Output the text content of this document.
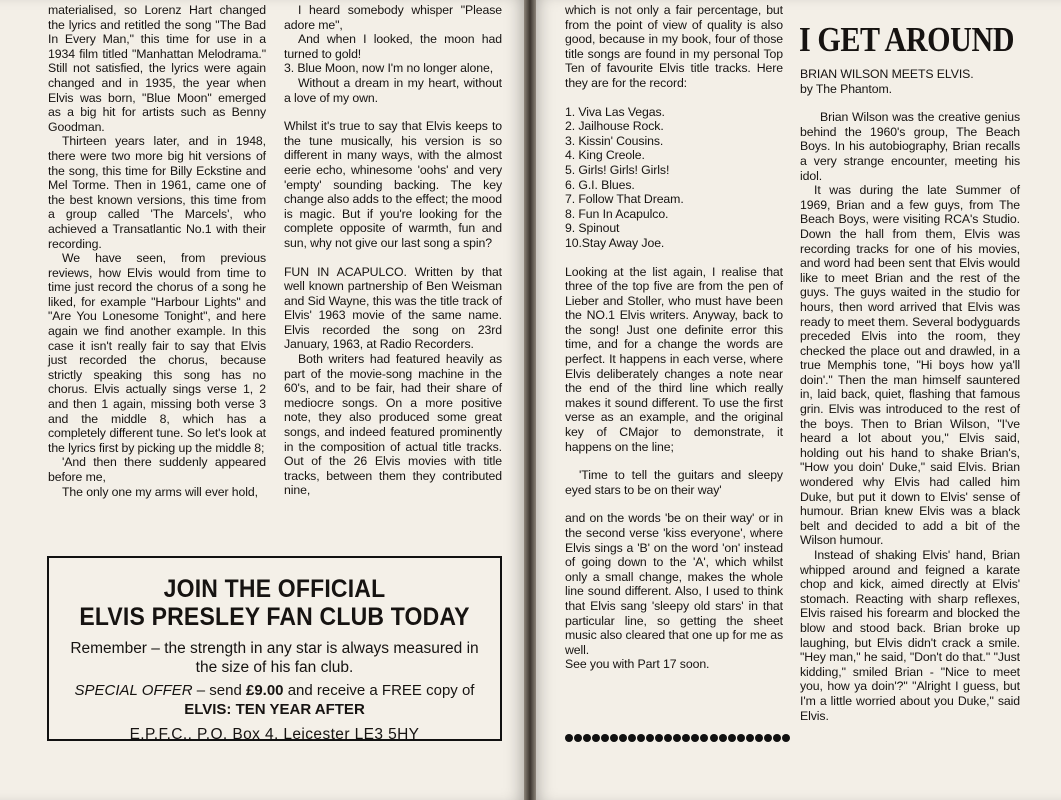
materialised, so Lorenz Hart changed the lyrics and retitled the song "The Bad In Every Man," this time for use in a 1934 film titled "Manhattan Melodrama." Still not satisfied, the lyrics were again changed and in 1935, the year when Elvis was born, "Blue Moon" emerged as a big hit for artists such as Benny Goodman.

Thirteen years later, and in 1948, there were two more big hit versions of the song, this time for Billy Eckstine and Mel Torme. Then in 1961, came one of the best known versions, this time from a group called 'The Marcels', who achieved a Transatlantic No.1 with their recording.

We have seen, from previous reviews, how Elvis would from time to time just record the chorus of a song he liked, for example "Harbour Lights" and "Are You Lonesome Tonight", and here again we find another example. In this case it isn't really fair to say that Elvis just recorded the chorus, because strictly speaking this song has no chorus. Elvis actually sings verse 1, 2 and then 1 again, missing both verse 3 and the middle 8, which has a completely different tune. So let's look at the lyrics first by picking up the middle 8;

'And then there suddenly appeared before me,

The only one my arms will ever hold,

I heard somebody whisper "Please adore me",

And when I looked, the moon had turned to gold!

3. Blue Moon, now I'm no longer alone,

Without a dream in my heart, without a love of my own.

Whilst it's true to say that Elvis keeps to the tune musically, his version is so different in many ways, with the almost eerie echo, whinesome 'oohs' and very 'empty' sounding backing. The key change also adds to the effect; the mood is magic. But if you're looking for the complete opposite of warmth, fun and sun, why not give our last song a spin?

FUN IN ACAPULCO. Written by that well known partnership of Ben Weisman and Sid Wayne, this was the title track of Elvis' 1963 movie of the same name. Elvis recorded the song on 23rd January, 1963, at Radio Recorders.

Both writers had featured heavily as part of the movie-song machine in the 60's, and to be fair, had their share of mediocre songs. On a more positive note, they also produced some great songs, and indeed featured prominently in the composition of actual title tracks. Out of the 26 Elvis movies with title tracks, between them they contributed nine,

JOIN THE OFFICIAL
ELVIS PRESLEY FAN CLUB TODAY
Remember – the strength in any star is always measured in the size of his fan club.
SPECIAL OFFER – send £9.00 and receive a FREE copy of
ELVIS: TEN YEAR AFTER
E.P.F.C., P.O. Box 4, Leicester LE3 5HY

which is not only a fair percentage, but from the point of view of quality is also good, because in my book, four of those title songs are found in my personal Top Ten of favourite Elvis title tracks. Here they are for the record:

1. Viva Las Vegas.
2. Jailhouse Rock.
3. Kissin' Cousins.
4. King Creole.
5. Girls! Girls! Girls!
6. G.I. Blues.
7. Follow That Dream.
8. Fun In Acapulco.
9. Spinout
10.Stay Away Joe.

Looking at the list again, I realise that three of the top five are from the pen of Lieber and Stoller, who must have been the NO.1 Elvis writers. Anyway, back to the song! Just one definite error this time, and for a change the words are perfect. It happens in each verse, where Elvis deliberately changes a note near the end of the third line which really makes it sound different. To use the first verse as an example, and the original key of CMajor to demonstrate, it happens on the line;

'Time to tell the guitars and sleepy eyed stars to be on their way'

and on the words 'be on their way' or in the second verse 'kiss everyone', where Elvis sings a 'B' on the word 'on' instead of going down to the 'A', which whilst only a small change, makes the whole line sound different. Also, I used to think that Elvis sang 'sleepy old stars' in that particular line, so getting the sheet music also cleared that one up for me as well.

See you with Part 17 soon.

I GET AROUND

BRIAN WILSON MEETS ELVIS.

by The Phantom.

Brian Wilson was the creative genius behind the 1960's group, The Beach Boys. In his autobiography, Brian recalls a very strange encounter, meeting his idol.

It was during the late Summer of 1969, Brian and a few guys, from The Beach Boys, were visiting RCA's Studio. Down the hall from them, Elvis was recording tracks for one of his movies, and word had been sent that Elvis would like to meet Brian and the rest of the guys. The guys waited in the studio for hours, then word arrived that Elvis was ready to meet them. Several bodyguards preceded Elvis into the room, they checked the place out and drawled, in a true Memphis tone, "Hi boys how ya'll doin'." Then the man himself sauntered in, laid back, quiet, flashing that famous grin. Elvis was introduced to the rest of the boys. Then to Brian Wilson, "I've heard a lot about you," Elvis said, holding out his hand to shake Brian's, "How you doin' Duke," said Elvis. Brian wondered why Elvis had called him Duke, but put it down to Elvis' sense of humour. Brian knew Elvis was a black belt and decided to add a bit of the Wilson humour.

Instead of shaking Elvis' hand, Brian whipped around and feigned a karate chop and kick, aimed directly at Elvis' stomach. Reacting with sharp reflexes, Elvis raised his forearm and blocked the blow and stood back. Brian broke up laughing, but Elvis didn't crack a smile. "Hey man," he said, "Don't do that." "Just kidding," smiled Brian - "Nice to meet you, how ya doin'?" "Alright I guess, but I'm a little worried about you Duke," said Elvis.
